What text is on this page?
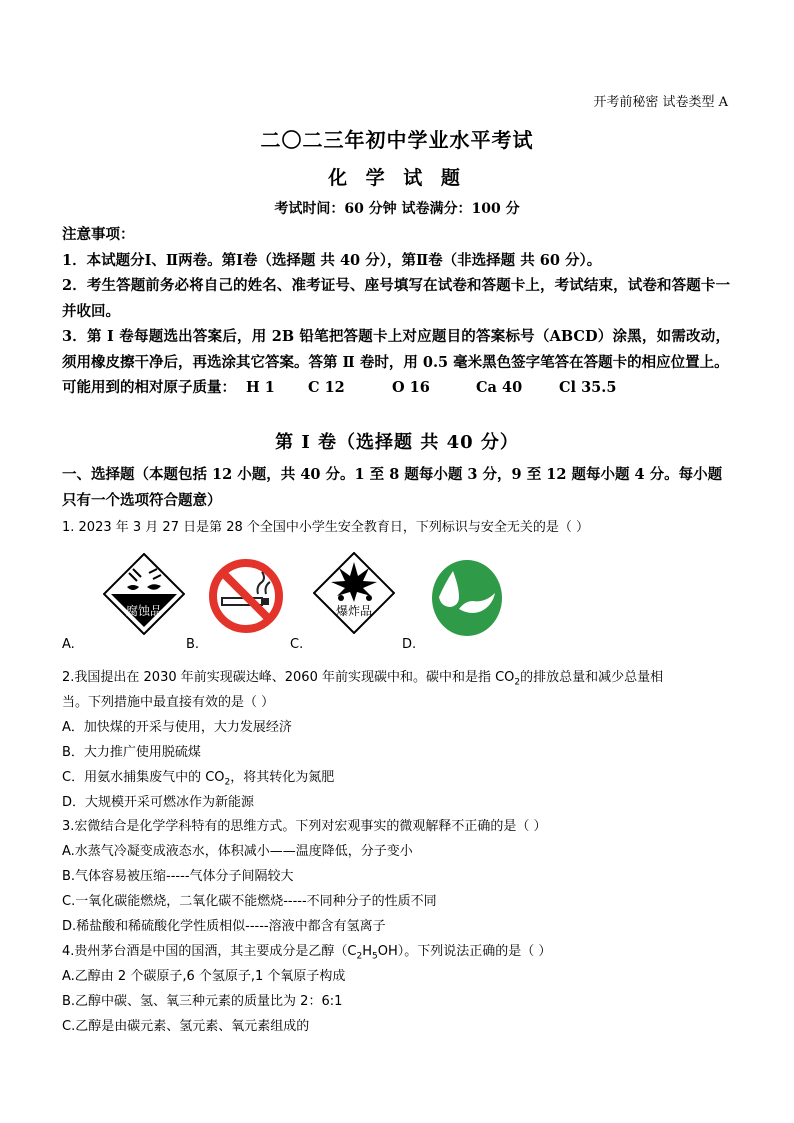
开考前秘密 试卷类型 A
二〇二三年初中学业水平考试
化 学 试 题
考试时间：60 分钟 试卷满分：100 分

注意事项：

1．本试题分Ⅰ、Ⅱ两卷。第Ⅰ卷（选择题 共 40 分），第Ⅱ卷（非选择题 共 60 分）。

2．考生答题前务必将自己的姓名、准考证号、座号填写在试卷和答题卡上，考试结束，试卷和答题卡一并收回。

3．第 Ⅰ 卷每题选出答案后，用 2B 铅笔把答题卡上对应题目的答案标号（ABCD）涂黑，如需改动，须用橡皮擦干净后，再选涂其它答案。答第 Ⅱ 卷时，用 0.5 毫米黑色签字笔答在答题卡的相应位置上。

可能用到的相对原子质量： H 1 C 12	O 16	Ca 40	Cl 35.5

第 Ⅰ 卷（选择题 共 40 分）
一、选择题（本题包括 12 小题，共 40 分。1 至 8 题每小题 3 分，9 至 12 题每小题 4 分。每小题只有一个选项符合题意）
1. 2023 年 3 月 27 日是第 28 个全国中小学生安全教育日，下列标识与安全无关的是（ ）
腐蚀品	爆炸品
A.	B.	C.	D.
2.我国提出在 2030 年前实现碳达峰、2060 年前实现碳中和。碳中和是指 $CO_2$的排放总量和减少总量相
当。下列措施中最直接有效的是（ ）
A．加快煤的开采与使用，大力发展经济
B．大力推广使用脱硫煤
C．用氨水捕集废气中的 $CO_2$，将其转化为氮肥
D．大规模开采可燃冰作为新能源
3.宏微结合是化学学科特有的思维方式。下列对宏观事实的微观解释不正确的是（ ）
A.水蒸气冷凝变成液态水，体积减小——温度降低，分子变小
B.气体容易被压缩-----气体分子间隔较大
C.一氧化碳能燃烧，二氧化碳不能燃烧-----不同种分子的性质不同
D.稀盐酸和稀硫酸化学性质相似-----溶液中都含有氢离子
4.贵州茅台酒是中国的国酒，其主要成分是乙醇$(C_2H_5OH)$。下列说法正确的是（ ）
A.乙醇由 2 个碳原子,6 个氢原子,1 个氧原子构成
B.乙醇中碳、氢、氧三种元素的质量比为 2：6:1
C.乙醇是由碳元素、氢元素、氧元素组成的
